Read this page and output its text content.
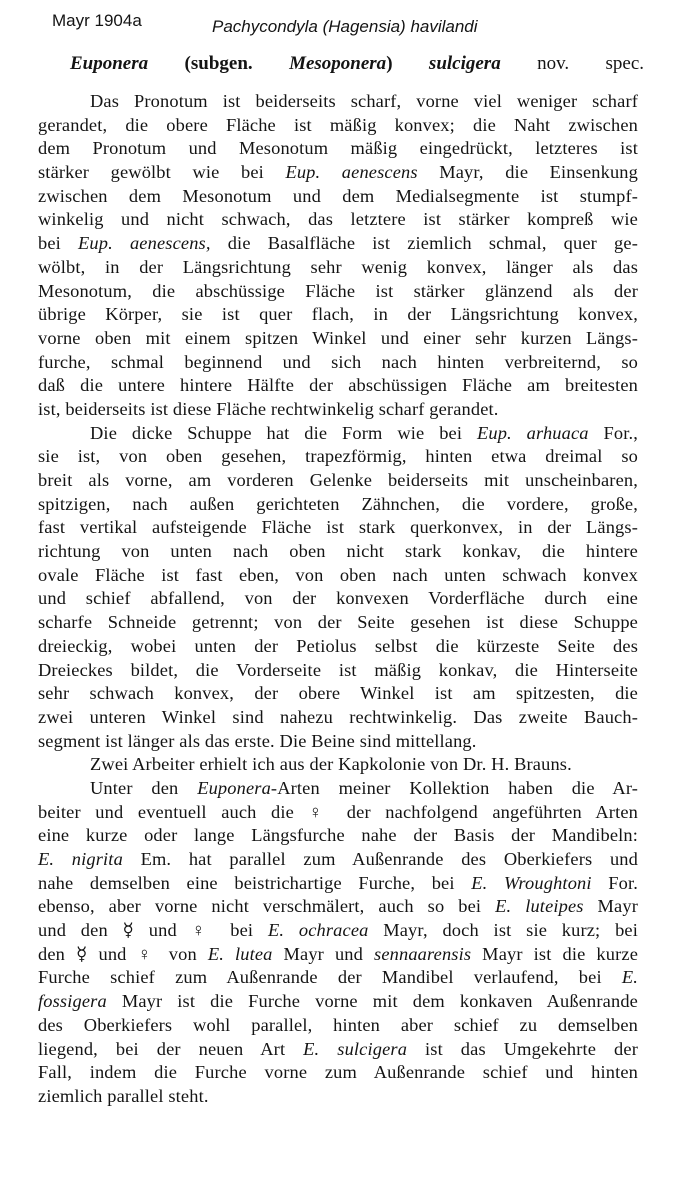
Mayr 1904a	Pachycondyla (Hagensia) havilandi
Euponera (subgen. Mesoponera) sulcigera nov. spec.
Das Pronotum ist beiderseits scharf, vorne viel weniger scharf
gerandet, die obere Fläche ist mäßig konvex; die Naht zwischen
dem Pronotum und Mesonotum mäßig eingedrückt, letzteres ist
stärker gewölbt wie bei Eup. aenescens Mayr, die Einsenkung
zwischen dem Mesonotum und dem Medialsegmente ist stumpf-
winkelig und nicht schwach, das letztere ist stärker kompreß wie
bei Eup. aenescens, die Basalfläche ist ziemlich schmal, quer ge-
wölbt, in der Längsrichtung sehr wenig konvex, länger als das
Mesonotum, die abschüssige Fläche ist stärker glänzend als der
übrige Körper, sie ist quer flach, in der Längsrichtung konvex,
vorne oben mit einem spitzen Winkel und einer sehr kurzen Längs-
furche, schmal beginnend und sich nach hinten verbreiternd, so
daß die untere hintere Hälfte der abschüssigen Fläche am breitesten
ist, beiderseits ist diese Fläche rechtwinkelig scharf gerandet.
Die dicke Schuppe hat die Form wie bei Eup. arhuaca For.,
sie ist, von oben gesehen, trapezförmig, hinten etwa dreimal so
breit als vorne, am vorderen Gelenke beiderseits mit unscheinbaren,
spitzigen, nach außen gerichteten Zähnchen, die vordere, große,
fast vertikal aufsteigende Fläche ist stark querkonvex, in der Längs-
richtung von unten nach oben nicht stark konkav, die hintere
ovale Fläche ist fast eben, von oben nach unten schwach konvex
und schief abfallend, von der konvexen Vorderfläche durch eine
scharfe Schneide getrennt; von der Seite gesehen ist diese Schuppe
dreieckig, wobei unten der Petiolus selbst die kürzeste Seite des
Dreieckes bildet, die Vorderseite ist mäßig konkav, die Hinterseite
sehr schwach konvex, der obere Winkel ist am spitzesten, die
zwei unteren Winkel sind nahezu rechtwinkelig. Das zweite Bauch-
segment ist länger als das erste. Die Beine sind mittellang.
Zwei Arbeiter erhielt ich aus der Kapkolonie von Dr. H. Brauns.
Unter den Euponera-Arten meiner Kollektion haben die Ar-
beiter und eventuell auch die ♀ der nachfolgend angeführten Arten
eine kurze oder lange Längsfurche nahe der Basis der Mandibeln:
E. nigrita Em. hat parallel zum Außenrande des Oberkiefers und
nahe demselben eine beistrichartige Furche, bei E. Wroughtoni For.
ebenso, aber vorne nicht verschmälert, auch so bei E. luteipes Mayr
und den ☿ und ♀ bei E. ochracea Mayr, doch ist sie kurz; bei
den ☿ und ♀ von E. lutea Mayr und sennaarensis Mayr ist die kurze
Furche schief zum Außenrande der Mandibel verlaufend, bei E.
fossigera Mayr ist die Furche vorne mit dem konkaven Außenrande
des Oberkiefers wohl parallel, hinten aber schief zu demselben
liegend, bei der neuen Art E. sulcigera ist das Umgekehrte der
Fall, indem die Furche vorne zum Außenrande schief und hinten
ziemlich parallel steht.
